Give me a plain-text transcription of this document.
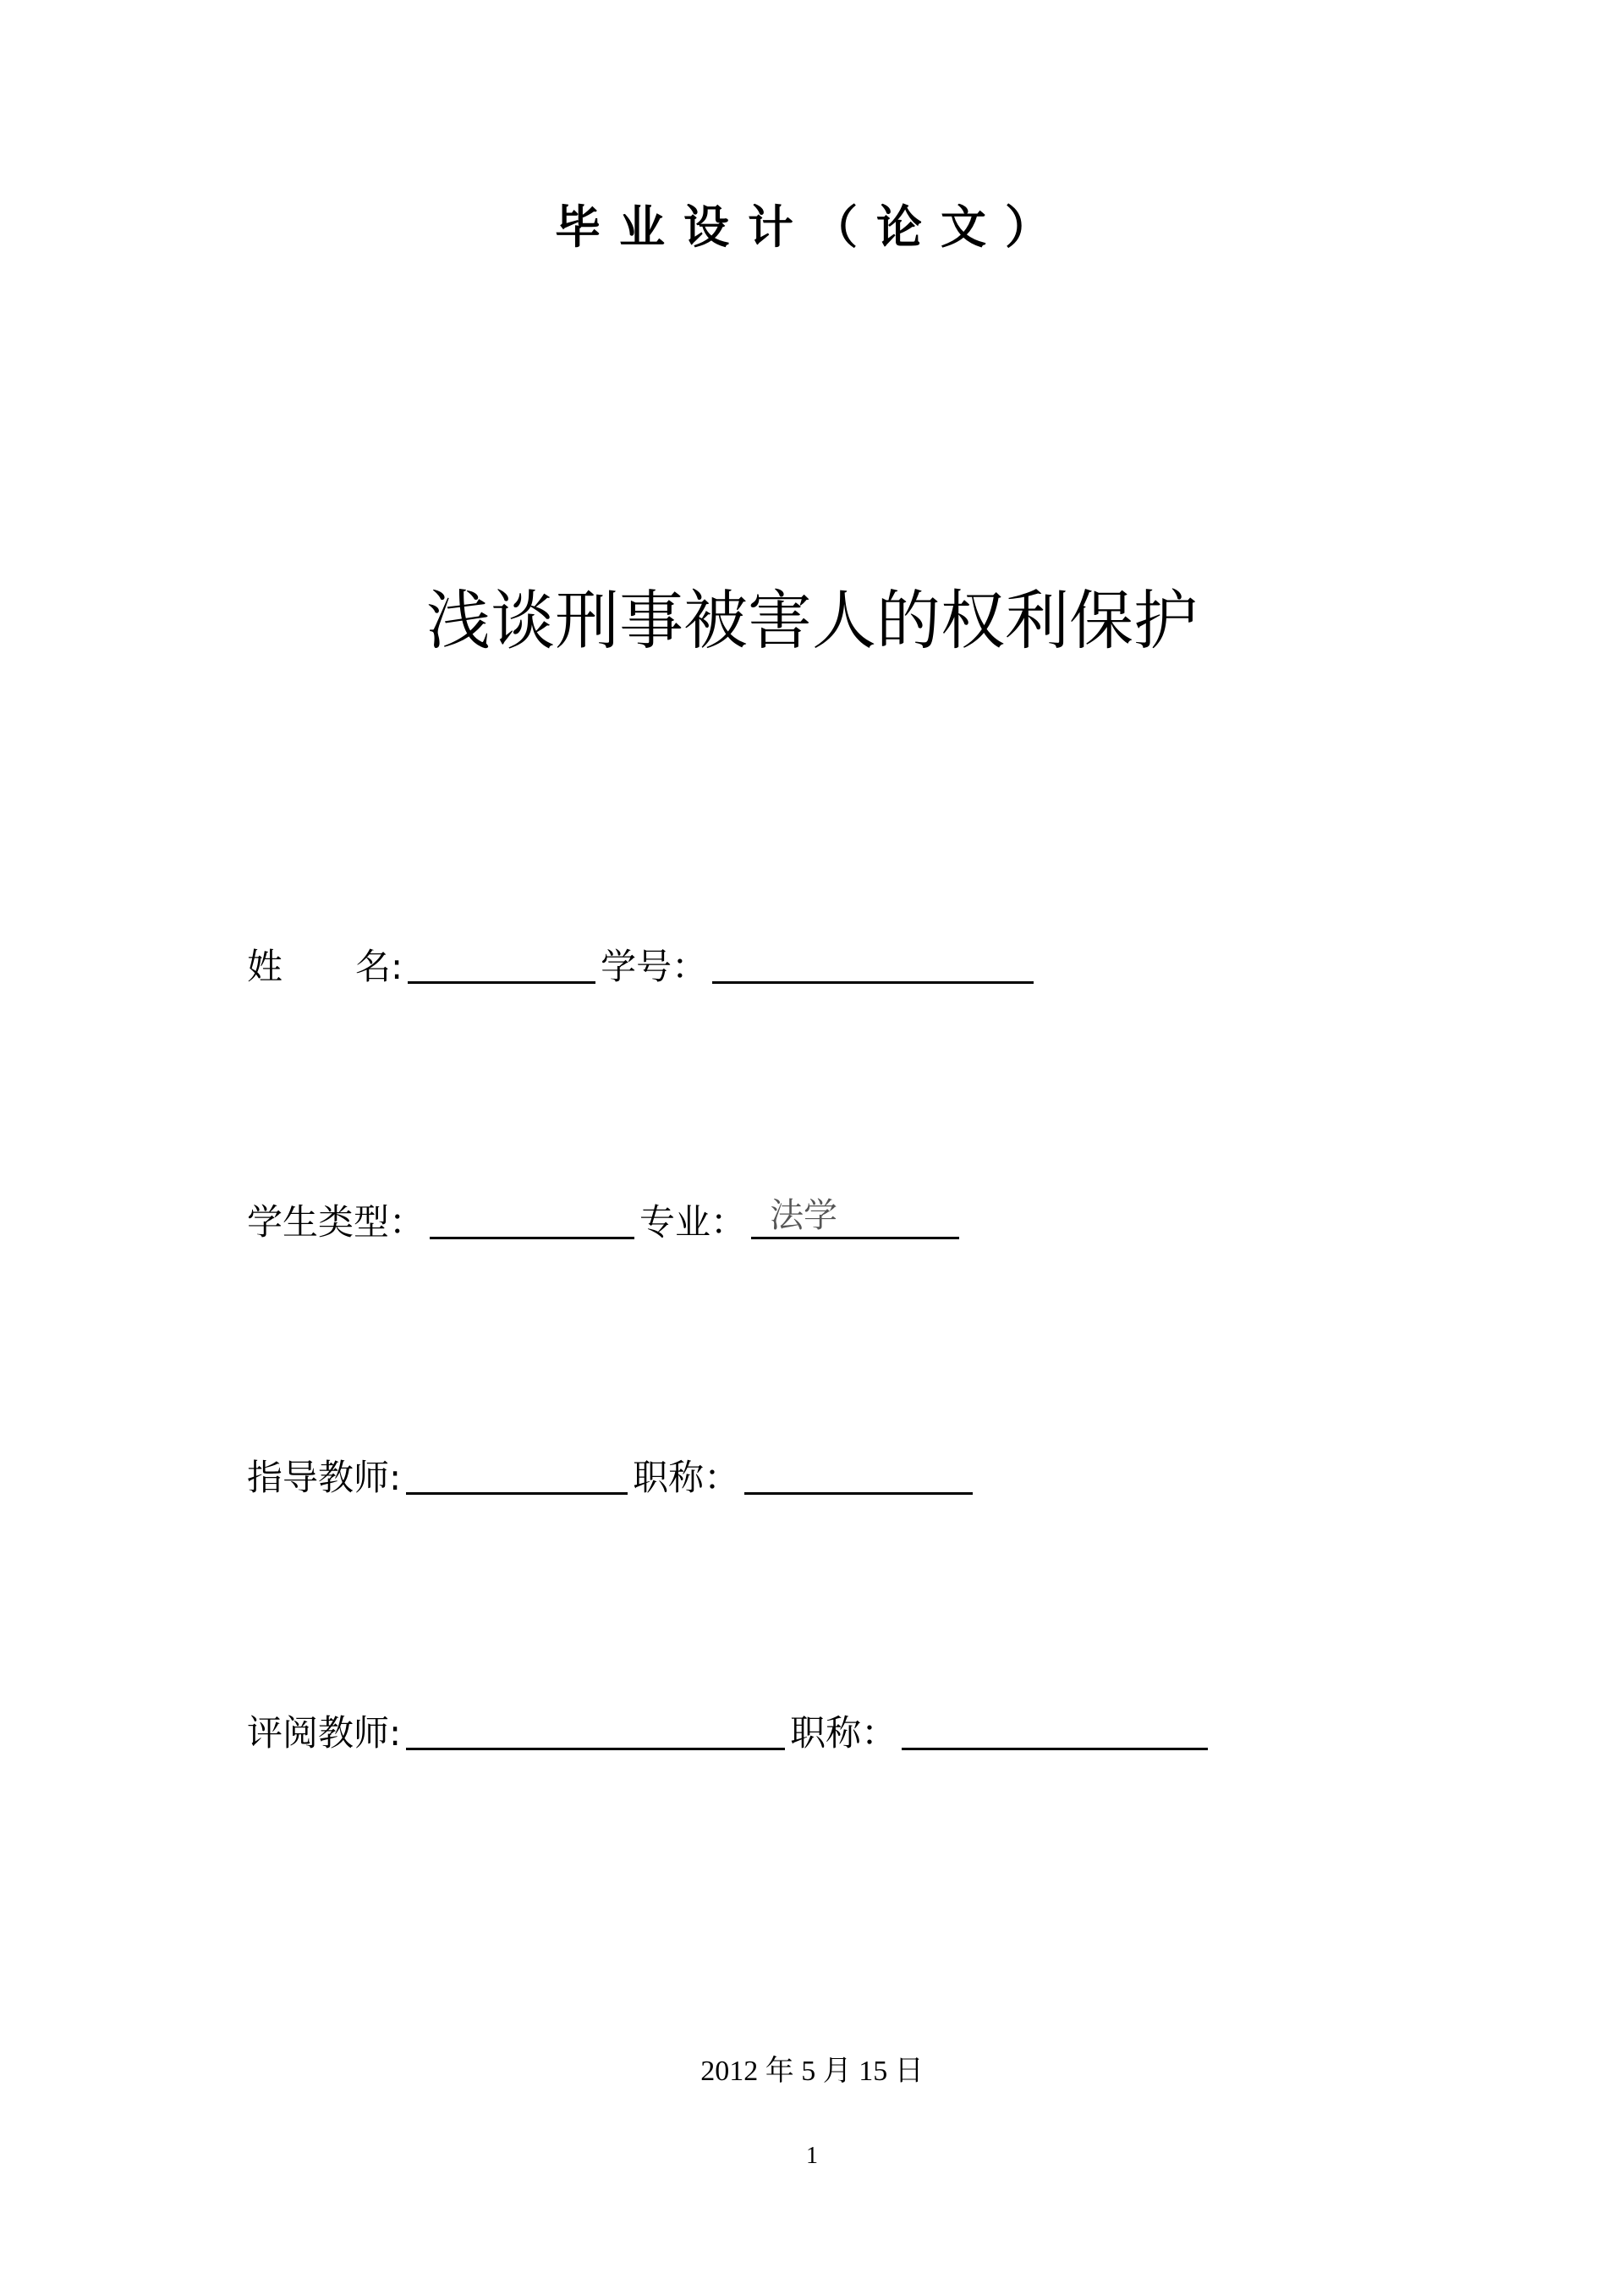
毕业设计（论文）
浅谈刑事被害人的权利保护
姓名 :	学号 ：
学生类型 ：	专业 ： 法学
指导教师 :	职称 ：
评阅教师 :	职称 ：
2012 年 5 月 15 日
1
